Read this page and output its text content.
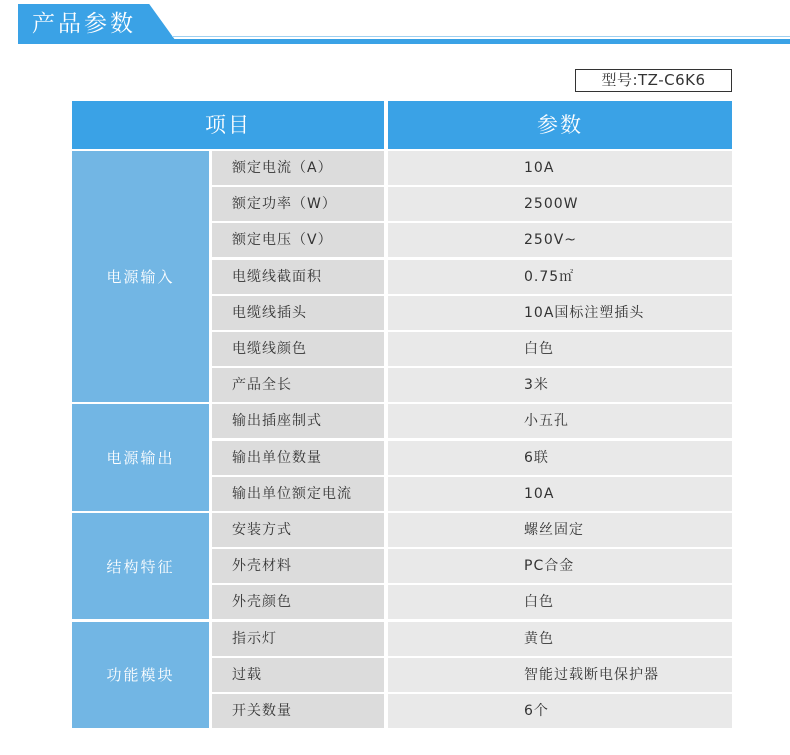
产品参数
型号:TZ-C6K6
项目	参数
电源输入
额定电流（A）	10A
额定功率（W）	2500W
额定电压（V）	250V~
电缆线截面积	0.75㎡
电缆线插头	10A国标注塑插头
电缆线颜色	白色
产品全长	3米
电源输出
输出插座制式	小五孔
输出单位数量	6联
输出单位额定电流	10A
结构特征
安装方式	螺丝固定
外壳材料	PC合金
外壳颜色	白色
功能模块
指示灯	黄色
过载	智能过载断电保护器
开关数量	6个
